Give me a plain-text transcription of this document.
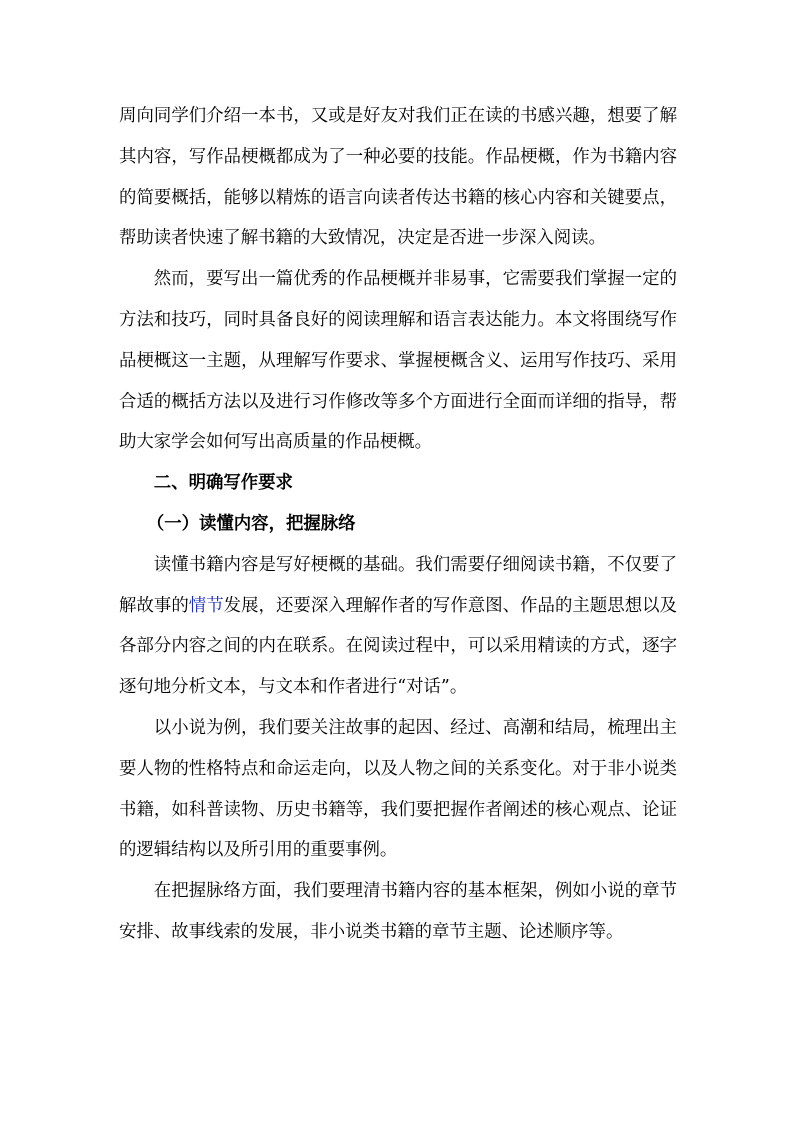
周向同学们介绍一本书，又或是好友对我们正在读的书感兴趣，想要了解其内容，写作品梗概都成为了一种必要的技能。作品梗概，作为书籍内容的简要概括，能够以精炼的语言向读者传达书籍的核心内容和关键要点，帮助读者快速了解书籍的大致情况，决定是否进一步深入阅读。

然而，要写出一篇优秀的作品梗概并非易事，它需要我们掌握一定的方法和技巧，同时具备良好的阅读理解和语言表达能力。本文将围绕写作品梗概这一主题，从理解写作要求、掌握梗概含义、运用写作技巧、采用合适的概括方法以及进行习作修改等多个方面进行全面而详细的指导，帮助大家学会如何写出高质量的作品梗概。

二、明确写作要求
（一）读懂内容，把握脉络

读懂书籍内容是写好梗概的基础。我们需要仔细阅读书籍，不仅要了解故事的情节发展，还要深入理解作者的写作意图、作品的主题思想以及各部分内容之间的内在联系。在阅读过程中，可以采用精读的方式，逐字逐句地分析文本，与文本和作者进行“对话”。

以小说为例，我们要关注故事的起因、经过、高潮和结局，梳理出主要人物的性格特点和命运走向，以及人物之间的关系变化。对于非小说类书籍，如科普读物、历史书籍等，我们要把握作者阐述的核心观点、论证的逻辑结构以及所引用的重要事例。

在把握脉络方面，我们要理清书籍内容的基本框架，例如小说的章节安排、故事线索的发展，非小说类书籍的章节主题、论述顺序等。
